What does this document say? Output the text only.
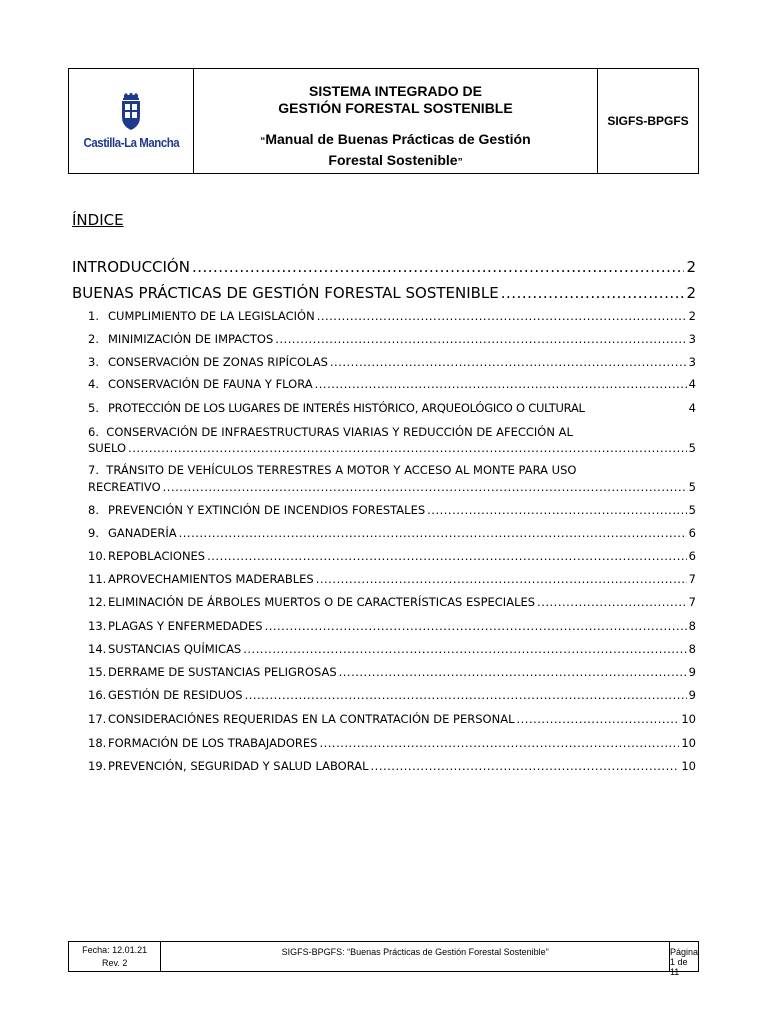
Castilla-La Mancha
SISTEMA INTEGRADO DE
GESTIÓN FORESTAL SOSTENIBLE
“Manual de Buenas Prácticas de Gestión
Forestal Sostenible”
SIGFS-BPGFS
ÍNDICE
INTRODUCCIÓN .....	2
BUENAS PRÁCTICAS DE GESTIÓN FORESTAL SOSTENIBLE .....	2
1. CUMPLIMIENTO DE LA LEGISLACIÓN .....	2
2. MINIMIZACIÓN DE IMPACTOS .....	3
3. CONSERVACIÓN DE ZONAS RIPÍCOLAS .....	3
4. CONSERVACIÓN DE FAUNA Y FLORA .....	4
5. PROTECCIÓN DE LOS LUGARES DE INTERÉS HISTÓRICO, ARQUEOLÓGICO O CULTURAL	4
6. CONSERVACIÓN DE INFRAESTRUCTURAS VIARIAS Y REDUCCIÓN DE AFECCIÓN AL
SUELO .....	5
7. TRÁNSITO DE VEHÍCULOS TERRESTRES A MOTOR Y ACCESO AL MONTE PARA USO
RECREATIVO .....	5
8. PREVENCIÓN Y EXTINCIÓN DE INCENDIOS FORESTALES .....	5
9. GANADERÍA .....	6
10. REPOBLACIONES .....	6
11. APROVECHAMIENTOS MADERABLES .....	7
12. ELIMINACIÓN DE ÁRBOLES MUERTOS O DE CARACTERÍSTICAS ESPECIALES .....	7
13. PLAGAS Y ENFERMEDADES .....	8
14. SUSTANCIAS QUÍMICAS .....	8
15. DERRAME DE SUSTANCIAS PELIGROSAS .....	9
16. GESTIÓN DE RESIDUOS .....	9
17. CONSIDERACIÓNES REQUERIDAS EN LA CONTRATACIÓN DE PERSONAL .....	10
18. FORMACIÓN DE LOS TRABAJADORES .....	10
19. PREVENCIÓN, SEGURIDAD Y SALUD LABORAL .....	10
Fecha: 12.01.21
Rev. 2
SIGFS-BPGFS: “Buenas Prácticas de Gestión Forestal Sostenible”	Página 1 de 11
